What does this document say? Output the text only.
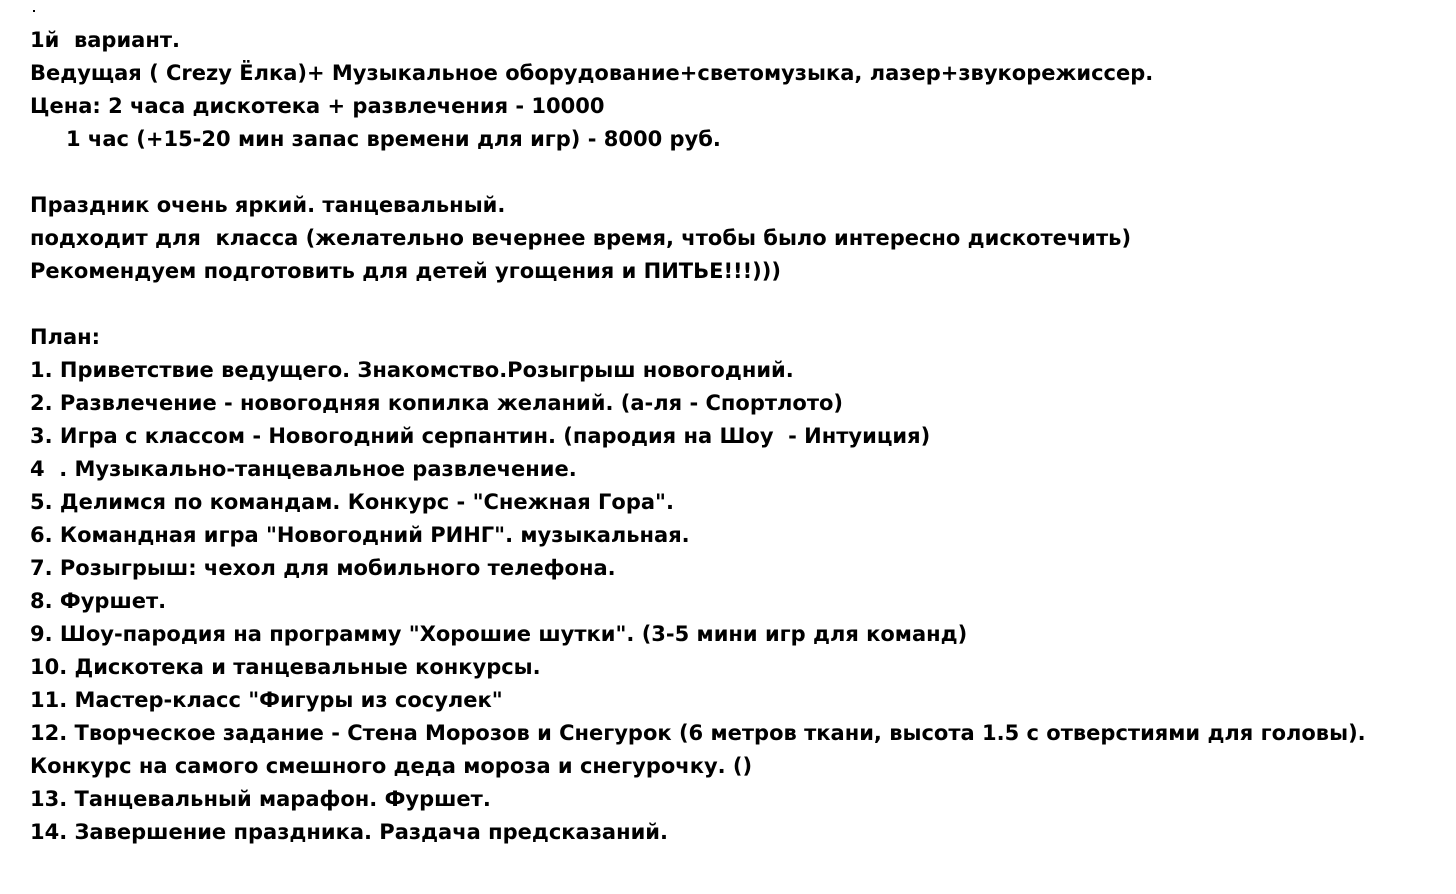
1й  вариант.
Ведущая ( Crezy Ёлка)+ Музыкальное оборудование+светомузыка, лазер+звукорежиссер.
Цена: 2 часа дискотека + развлечения - 10000
1 час (+15-20 мин запас времени для игр) - 8000 руб.
Праздник очень яркий. танцевальный.
подходит для  класса (желательно вечернее время, чтобы было интересно дискотечить)
Рекомендуем подготовить для детей угощения и ПИТЬЕ!!!)))
План:
1. Приветствие ведущего. Знакомство.Розыгрыш новогодний.
2. Развлечение - новогодняя копилка желаний. (а-ля - Спортлото)
3. Игра с классом - Новогодний серпантин. (пародия на Шоу  - Интуиция)
4  . Музыкально-танцевальное развлечение.
5. Делимся по командам. Конкурс - "Снежная Гора".
6. Командная игра "Новогодний РИНГ". музыкальная.
7. Розыгрыш: чехол для мобильного телефона.
8. Фуршет.
9. Шоу-пародия на программу "Хорошие шутки". (3-5 мини игр для команд)
10. Дискотека и танцевальные конкурсы.
11. Мастер-класс "Фигуры из сосулек"
12. Творческое задание - Стена Морозов и Снегурок (6 метров ткани, высота 1.5 с отверстиями для головы).
Конкурс на самого смешного деда мороза и снегурочку. ()
13. Танцевальный марафон. Фуршет.
14. Завершение праздника. Раздача предсказаний.
